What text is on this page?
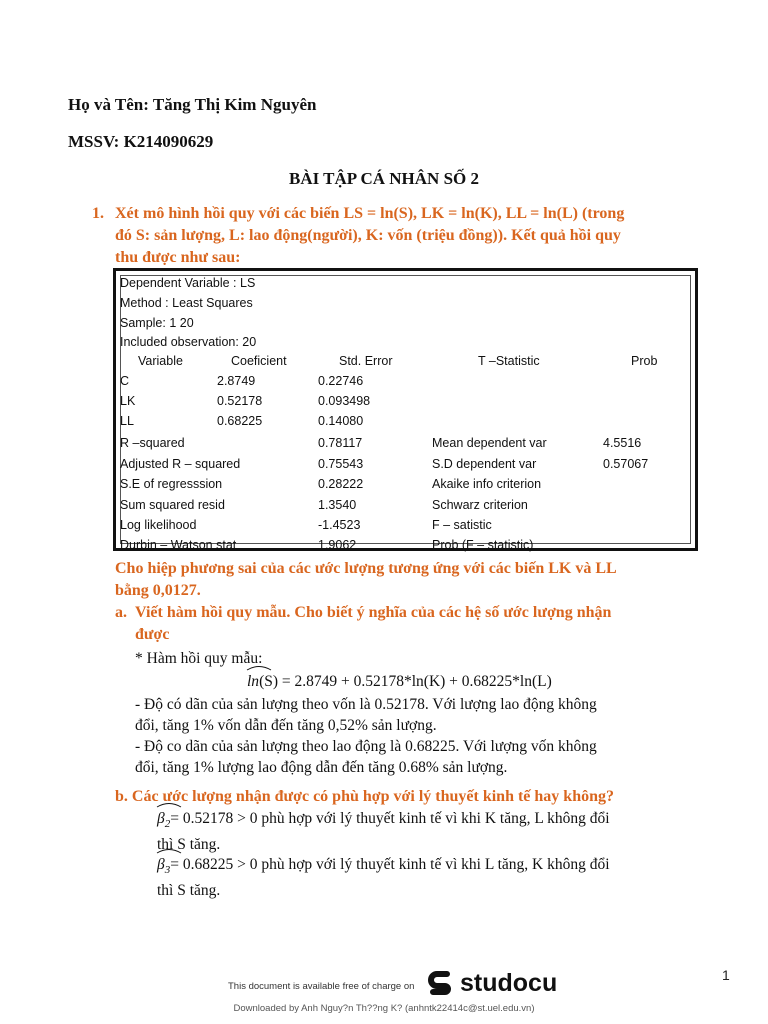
Họ và Tên: Tăng Thị Kim Nguyên
MSSV: K214090629
BÀI TẬP CÁ NHÂN SỐ 2
1. Xét mô hình hồi quy với các biến LS = ln(S), LK = ln(K), LL = ln(L) (trong
đó S: sản lượng, L: lao động(người), K: vốn (triệu đồng)). Kết quả hồi quy
thu được như sau:
Dependent Variable : LS
Method : Least Squares
Sample: 1 20
Included observation: 20
Variable	Coeficient	Std. Error	T –Statistic	Prob
C	2.8749	0.22746
LK	0.52178	0.093498
LL	0.68225	0.14080
R –squared	0.78117	Mean dependent var	4.5516
Adjusted R – squared	0.75543	S.D dependent var	0.57067
S.E of regresssion	0.28222	Akaike info criterion
Sum squared resid	1.3540	Schwarz criterion
Log likelihood	-1.4523	F – satistic
Durbin – Watson stat	1.9062	Prob (F – statistic)
Cho hiệp phương sai của các ước lượng tương ứng với các biến LK và LL
bằng 0,0127.
a. Viết hàm hồi quy mẫu. Cho biết ý nghĩa của các hệ số ước lượng nhận
được
* Hàm hồi quy mẫu:
ln(S) = 2.8749 + 0.52178*ln(K) + 0.68225*ln(L)
- Độ có dãn của sản lượng theo vốn là 0.52178. Với lượng lao động không
đổi, tăng 1% vốn dẫn đến tăng 0,52% sản lượng.
- Độ co dãn của sản lượng theo lao động là 0.68225. Với lượng vốn không
đổi, tăng 1% lượng lao động dẫn đến tăng 0.68% sản lượng.
b. Các ước lượng nhận được có phù hợp với lý thuyết kinh tế hay không?
$\beta_2= 0.52178 > 0$ phù hợp với lý thuyết kinh tế vì khi K tăng, L không đổi
thì S tăng.
$\beta_3= 0.68225 > 0$ phù hợp với lý thuyết kinh tế vì khi L tăng, K không đổi
thì S tăng.
1
This document is available free of charge on studocu
Downloaded by Anh Nguy?n Th??ng K? (anhntk22414c@st.uel.edu.vn)
